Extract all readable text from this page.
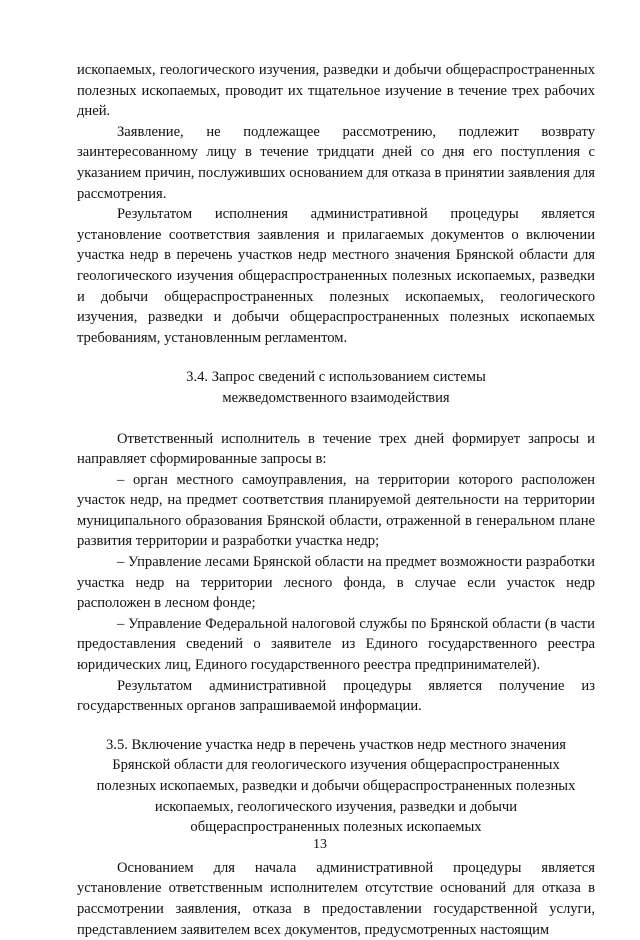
ископаемых, геологического изучения, разведки и добычи общераспространенных полезных ископаемых, проводит их тщательное изучение в течение трех рабочих дней.

Заявление, не подлежащее рассмотрению, подлежит возврату заинтересованному лицу в течение тридцати дней со дня его поступления с указанием причин, послуживших основанием для отказа в принятии заявления для рассмотрения.

Результатом исполнения административной процедуры является установление соответствия заявления и прилагаемых документов о включении участка недр в перечень участков недр местного значения Брянской области для геологического изучения общераспространенных полезных ископаемых, разведки и добычи общераспространенных полезных ископаемых, геологического изучения, разведки и добычи общераспространенных полезных ископаемых требованиям, установленным регламентом.

3.4. Запрос сведений с использованием системы
межведомственного взаимодействия

Ответственный исполнитель в течение трех дней формирует запросы и направляет сформированные запросы в:

– орган местного самоуправления, на территории которого расположен участок недр, на предмет соответствия планируемой деятельности на территории муниципального образования Брянской области, отраженной в генеральном плане развития территории и разработки участка недр;

– Управление лесами Брянской области на предмет возможности разработки участка недр на территории лесного фонда, в случае если участок недр расположен в лесном фонде;

– Управление Федеральной налоговой службы по Брянской области (в части предоставления сведений о заявителе из Единого государственного реестра юридических лиц, Единого государственного реестра предпринимателей).

Результатом административной процедуры является получение из государственных органов запрашиваемой информации.

3.5. Включение участка недр в перечень участков недр местного значения
Брянской области для геологического изучения общераспространенных
полезных ископаемых, разведки и добычи общераспространенных полезных
ископаемых, геологического изучения, разведки и добычи
общераспространенных полезных ископаемых

Основанием для начала административной процедуры является установление ответственным исполнителем отсутствие оснований для отказа в рассмотрении заявления, отказа в предоставлении государственной услуги, представлением заявителем всех документов, предусмотренных настоящим

13
